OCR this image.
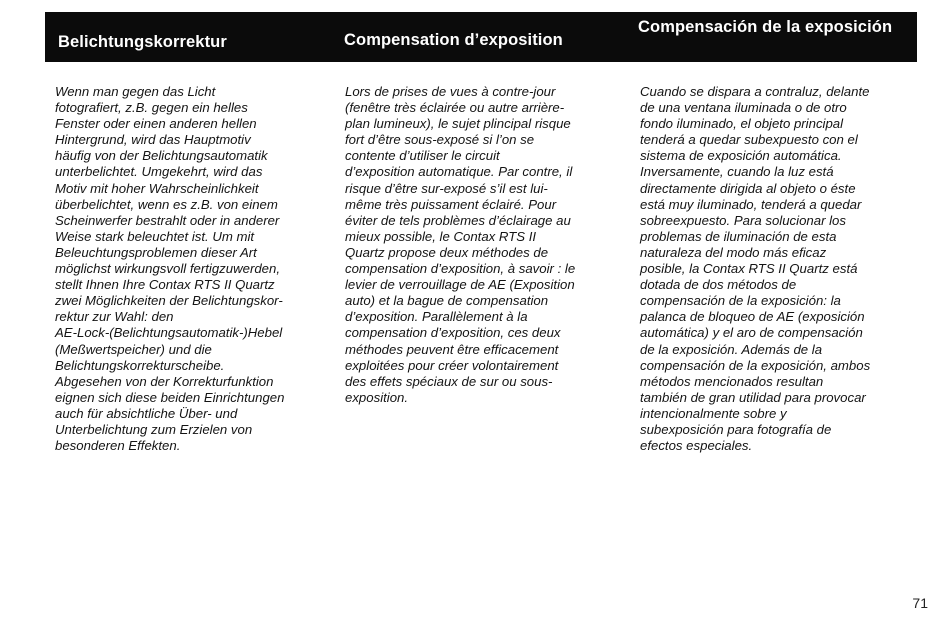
Belichtungskorrektur	Compensation d’exposition
Compensación de la exposición
Wenn man gegen das Licht
fotografiert, z.B. gegen ein helles
Fenster oder einen anderen hellen
Hintergrund, wird das Hauptmotiv
häufig von der Belichtungsautomatik
unterbelichtet. Umgekehrt, wird das
Motiv mit hoher Wahrscheinlichkeit
überbelichtet, wenn es z.B. von einem
Scheinwerfer bestrahlt oder in anderer
Weise stark beleuchtet ist. Um mit
Beleuchtungsproblemen dieser Art
möglichst wirkungsvoll fertigzuwerden,
stellt Ihnen Ihre Contax RTS II Quartz
zwei Möglichkeiten der Belichtungskor-
rektur zur Wahl: den
AE-Lock-(Belichtungsautomatik-)Hebel
(Meßwertspeicher) und die
Belichtungskorrekturscheibe.
Abgesehen von der Korrekturfunktion
eignen sich diese beiden Einrichtungen
auch für absichtliche Über- und
Unterbelichtung zum Erzielen von
besonderen Effekten.
Lors de prises de vues à contre-jour
(fenêtre très éclairée ou autre arrière-
plan lumineux), le sujet plincipal risque
fort d’être sous-exposé si l’on se
contente d’utiliser le circuit
d’exposition automatique. Par contre, il
risque d’être sur-exposé s’il est lui-
même très puissament éclairé. Pour
éviter de tels problèmes d’éclairage au
mieux possible, le Contax RTS II
Quartz propose deux méthodes de
compensation d’exposition, à savoir : le
levier de verrouillage de AE (Exposition
auto) et la bague de compensation
d’exposition. Parallèlement à la
compensation d’exposition, ces deux
méthodes peuvent être efficacement
exploitées pour créer volontairement
des effets spéciaux de sur ou sous-
exposition.
Cuando se dispara a contraluz, delante
de una ventana iluminada o de otro
fondo iluminado, el objeto principal
tenderá a quedar subexpuesto con el
sistema de exposición automática.
Inversamente, cuando la luz está
directamente dirigida al objeto o éste
está muy iluminado, tenderá a quedar
sobreexpuesto. Para solucionar los
problemas de iluminación de esta
naturaleza del modo más eficaz
posible, la Contax RTS II Quartz está
dotada de dos métodos de
compensación de la exposición: la
palanca de bloqueo de AE (exposición
automática) y el aro de compensación
de la exposición. Además de la
compensación de la exposición, ambos
métodos mencionados resultan
también de gran utilidad para provocar
intencionalmente sobre y
subexposición para fotografía de
efectos especiales.
71
